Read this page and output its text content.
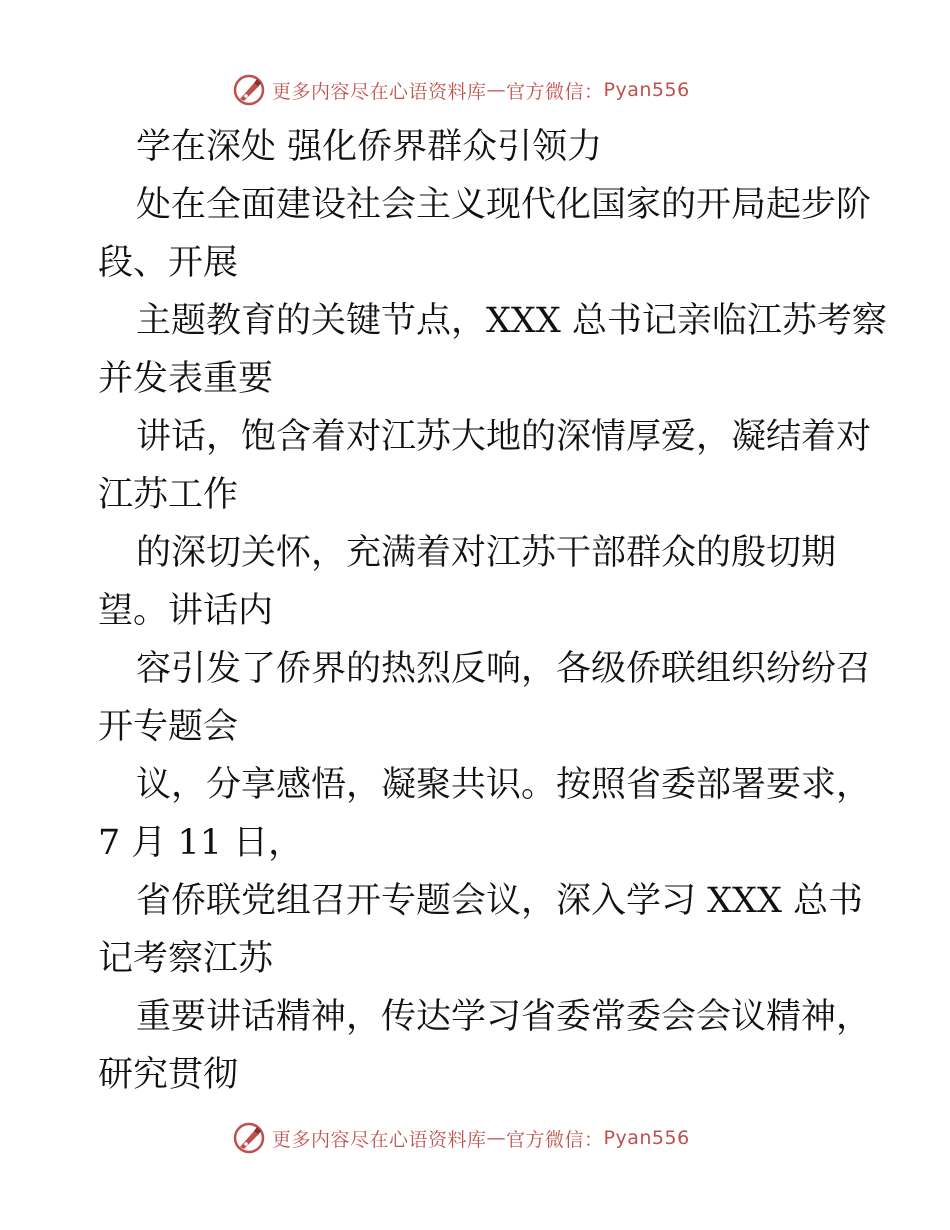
更多内容尽在心语资料库 — 官方微信： Pyan556
学在深处 强化侨界群众引领力
处在全面建设社会主义现代化国家的开局起步阶
段、开展
主题教育的关键节点，XXX 总书记亲临江苏考察
并发表重要
讲话，饱含着对江苏大地的深情厚爱，凝结着对
江苏工作
的深切关怀，充满着对江苏干部群众的殷切期
望。讲话内
容引发了侨界的热烈反响，各级侨联组织纷纷召
开专题会
议，分享感悟，凝聚共识。按照省委部署要求，
7 月 11 日，
省侨联党组召开专题会议，深入学习 XXX 总书
记考察江苏
重要讲话精神，传达学习省委常委会会议精神，
研究贯彻
更多内容尽在心语资料库 — 官方微信： Pyan556
